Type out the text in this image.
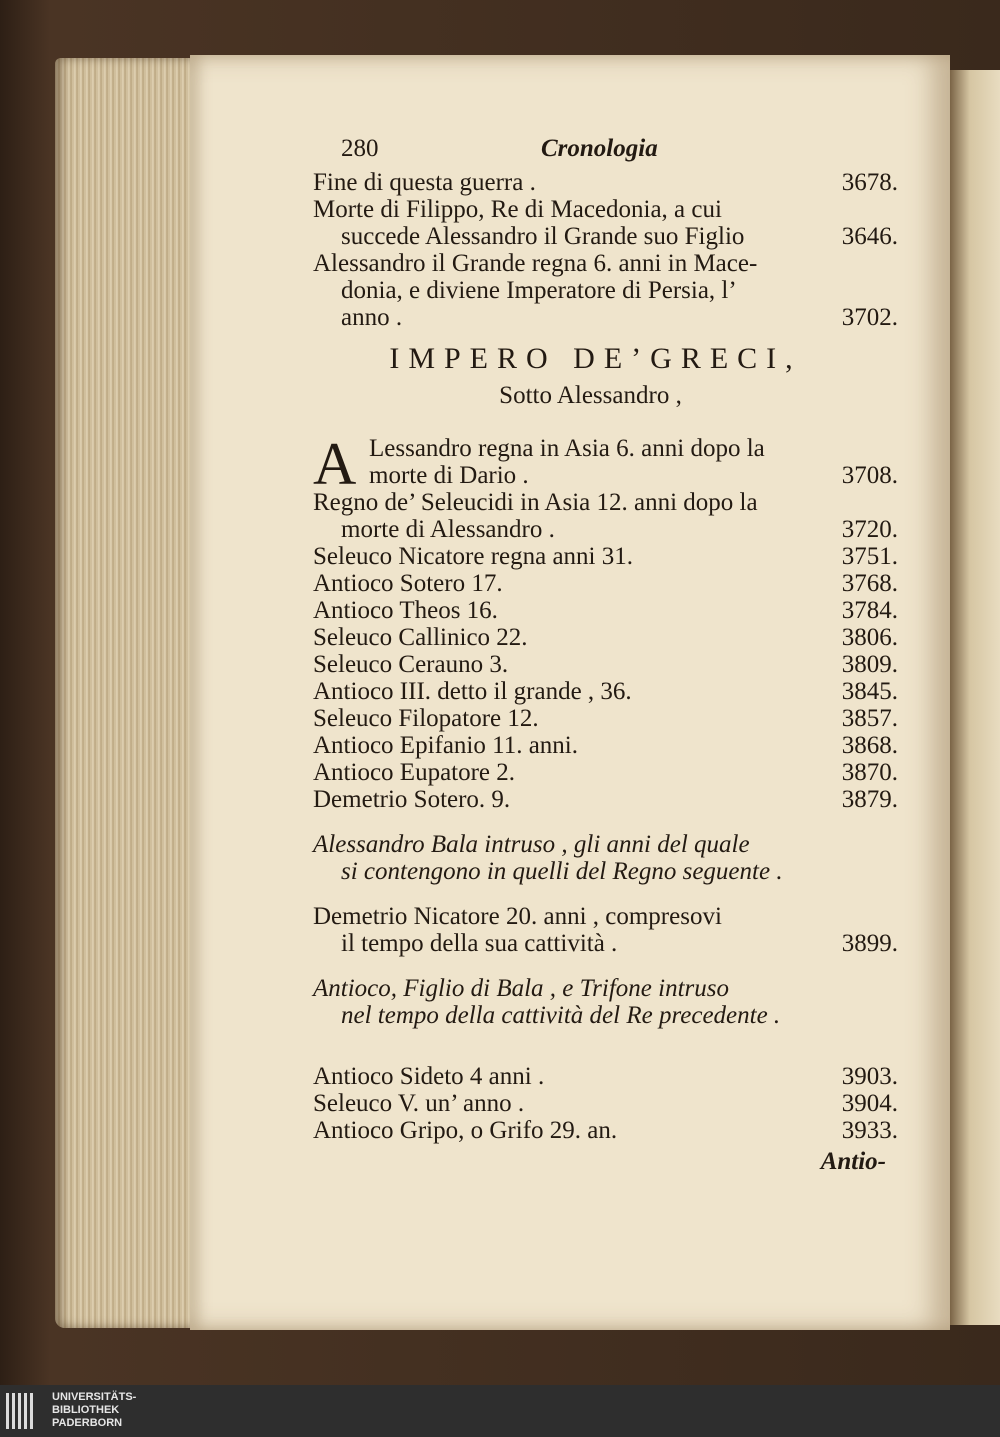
280	Cronologia
Fine di questa guerra .	3678.
Morte di Filippo, Re di Macedonia, a cui
succede Alessandro il Grande suo Figlio	3646.
Alessandro il Grande regna 6. anni in Mace-
donia, e diviene Imperatore di Persia, l’
anno .	3702.
IMPERO DE’GRECI,
Sotto Alessandro ,
A Lessandro regna in Asia 6. anni dopo la
morte di Dario .	3708.
Regno de’ Seleucidi in Asia 12. anni dopo la
morte di Alessandro .	3720.
Seleuco Nicatore regna anni 31.	3751.
Antioco Sotero 17.	3768.
Antioco Theos 16.	3784.
Seleuco Callinico 22.	3806.
Seleuco Cerauno 3.	3809.
Antioco III. detto il grande , 36.	3845.
Seleuco Filopatore 12.	3857.
Antioco Epifanio 11. anni.	3868.
Antioco Eupatore 2.	3870.
Demetrio Sotero. 9.	3879.
Alessandro Bala intruso , gli anni del quale
si contengono in quelli del Regno seguente .
Demetrio Nicatore 20. anni , compresovi
il tempo della sua cattività .	3899.
Antioco, Figlio di Bala , e Trifone intruso
nel tempo della cattività del Re precedente .
Antioco Sideto 4 anni .	3903.
Seleuco V. un’ anno .	3904.
Antioco Gripo, o Grifo 29. an.	3933.
Antio-
UNIVERSITÄTS-
BIBLIOTHEK
PADERBORN
